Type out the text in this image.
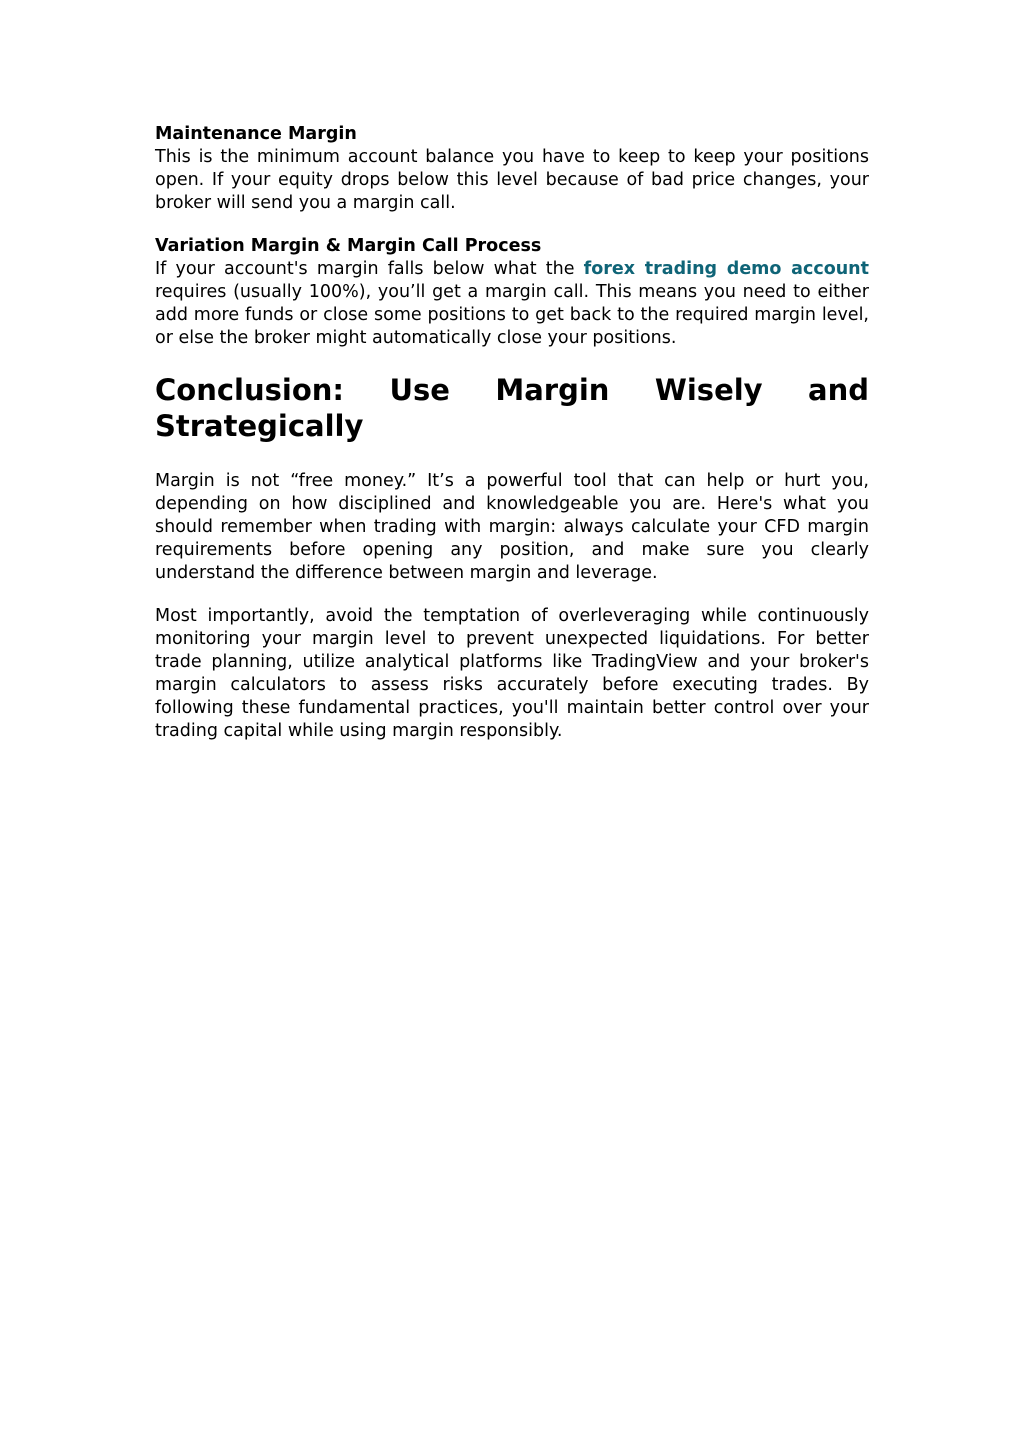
Maintenance Margin

This is the minimum account balance you have to keep to keep your positions open. If your equity drops below this level because of bad price changes, your broker will send you a margin call.

Variation Margin & Margin Call Process

If your account's margin falls below what the forex trading demo account requires (usually 100%), you’ll get a margin call. This means you need to either add more funds or close some positions to get back to the required margin level, or else the broker might automatically close your positions.

Conclusion: Use Margin Wisely and Strategically

Margin is not “free money.” It’s a powerful tool that can help or hurt you, depending on how disciplined and knowledgeable you are. Here's what you should remember when trading with margin: always calculate your CFD margin requirements before opening any position, and make sure you clearly understand the difference between margin and leverage.

Most importantly, avoid the temptation of overleveraging while continuously monitoring your margin level to prevent unexpected liquidations. For better trade planning, utilize analytical platforms like TradingView and your broker's margin calculators to assess risks accurately before executing trades. By following these fundamental practices, you'll maintain better control over your trading capital while using margin responsibly.
